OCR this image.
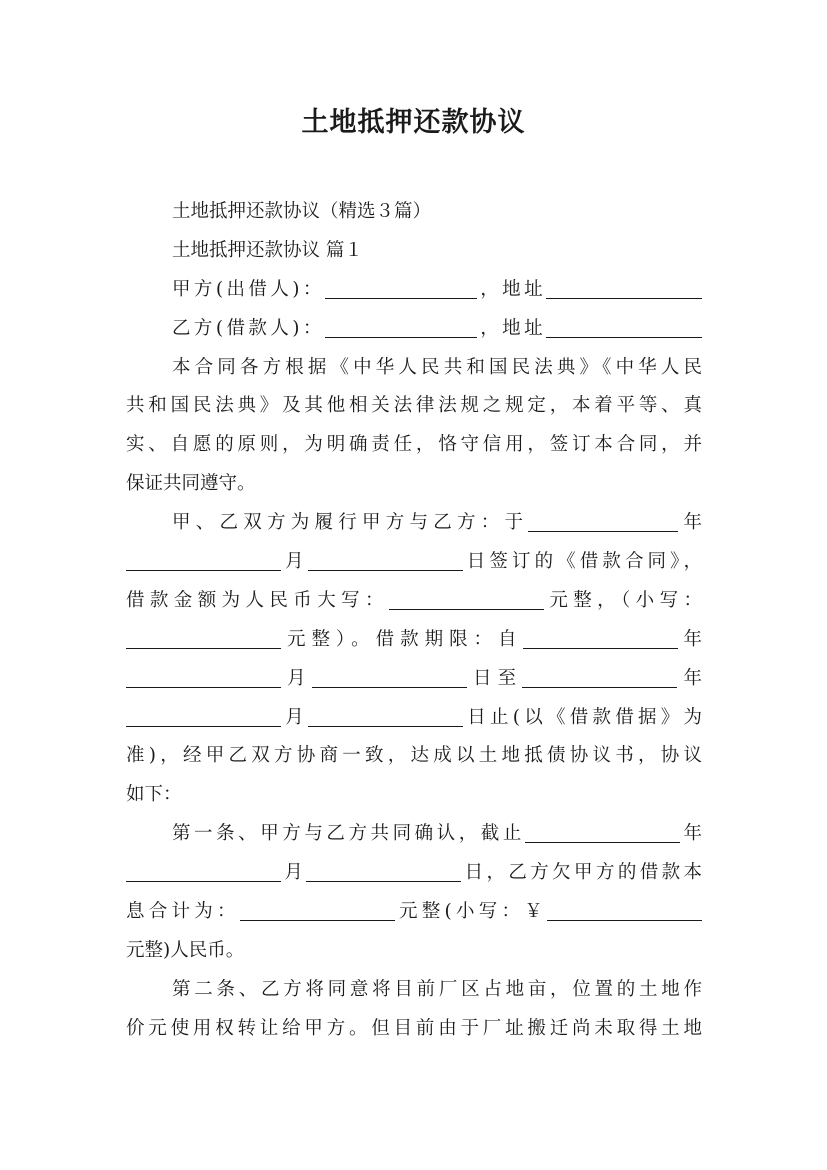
土地抵押还款协议
土地抵押还款协议（精选３篇）
土地抵押还款协议 篇１
甲方(出借人)：	，地址
乙方(借款人)：	，地址
本合同各方根据《中华人民共和国民法典》《中华人民
共和国民法典》及其他相关法律法规之规定，本着平等、真
实、自愿的原则，为明确责任，恪守信用，签订本合同，并
保证共同遵守。
甲、乙双方为履行甲方与乙方：于	年
月	日签订的《借款合同》，
借款金额为人民币大写：	元整，（小写：
元整）。借款期限：自	年
月	日至	年
月	日止(以《借款借据》为
准)，经甲乙双方协商一致，达成以土地抵债协议书，协议
如下：
第一条、甲方与乙方共同确认，截止	年
月	日，乙方欠甲方的借款本
息合计为：	元整(小写：￥
元整)人民币。
第二条、乙方将同意将目前厂区占地亩，位置的土地作
价元使用权转让给甲方。但目前由于厂址搬迁尚未取得土地
